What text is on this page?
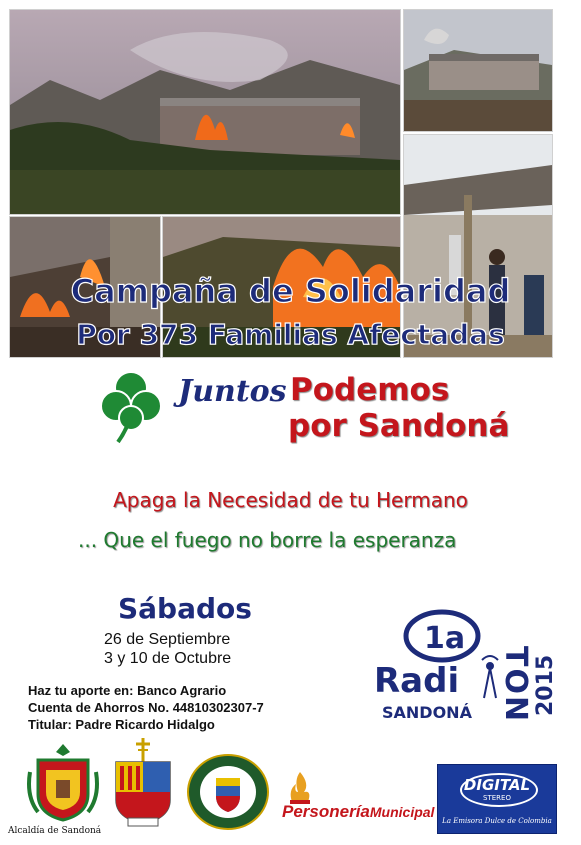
Campaña de Solidaridad
Por 373 Familias Afectadas
Juntos Podemos
por Sandoná
Apaga la Necesidad de tu Hermano
... Que el fuego no borre la esperanza
Sábados
26 de Septiembre
3 y 10 de Octubre
Haz tu aporte en: Banco Agrario
Cuenta de Ahorros No. 44810302307-7
Titular: Padre Ricardo Hidalgo
1a
Radi
SANDONÁ TON 2015
Alcaldía de Sandoná
PersoneríaMunicipal
DIGITAL
STEREO
La Emisora Dulce de Colombia
